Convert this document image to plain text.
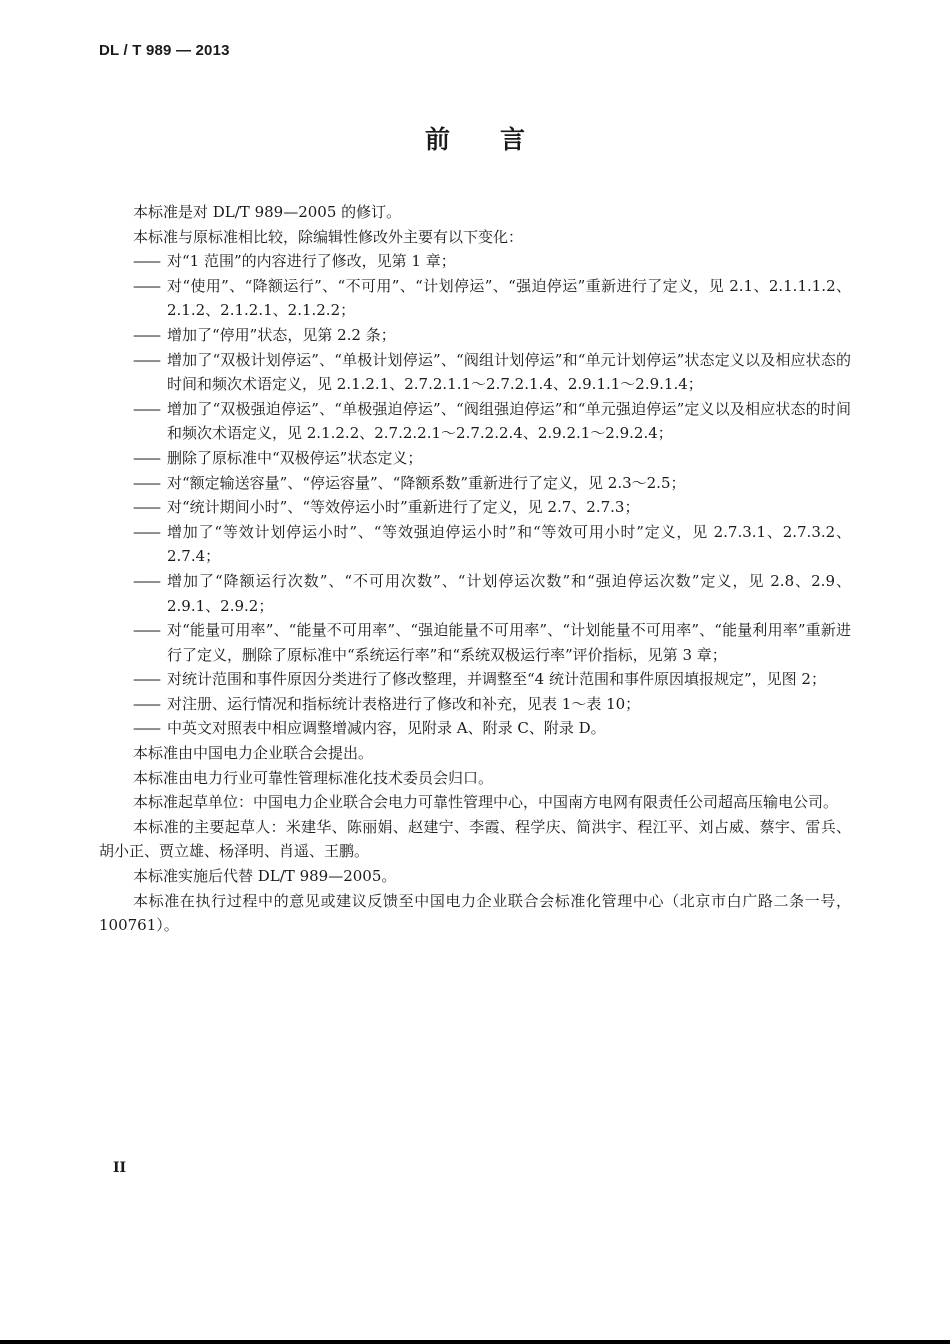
DL / T 989 — 2013
前言

本标准是对 DL/T 989—2005 的修订。

本标准与原标准相比较，除编辑性修改外主要有以下变化：

—— 对“1 范围”的内容进行了修改，见第 1 章；

—— 对“使用”、“降额运行”、“不可用”、“计划停运”、“强迫停运”重新进行了定义，见 2.1、2.1.1.1.2、2.1.2、2.1.2.1、2.1.2.2；

—— 增加了“停用”状态，见第 2.2 条；

—— 增加了“双极计划停运”、“单极计划停运”、“阀组计划停运”和“单元计划停运”状态定义以及相应状态的时间和频次术语定义，见 2.1.2.1、2.7.2.1.1～2.7.2.1.4、2.9.1.1～2.9.1.4；

—— 增加了“双极强迫停运”、“单极强迫停运”、“阀组强迫停运”和“单元强迫停运”定义以及相应状态的时间和频次术语定义，见 2.1.2.2、2.7.2.2.1～2.7.2.2.4、2.9.2.1～2.9.2.4；

—— 删除了原标准中“双极停运”状态定义；

—— 对“额定输送容量”、“停运容量”、“降额系数”重新进行了定义，见 2.3～2.5；

—— 对“统计期间小时”、“等效停运小时”重新进行了定义，见 2.7、2.7.3；

—— 增加了“等效计划停运小时”、“等效强迫停运小时”和“等效可用小时”定义，见 2.7.3.1、2.7.3.2、2.7.4；

—— 增加了“降额运行次数”、“不可用次数”、“计划停运次数”和“强迫停运次数”定义，见 2.8、2.9、2.9.1、2.9.2；

—— 对“能量可用率”、“能量不可用率”、“强迫能量不可用率”、“计划能量不可用率”、“能量利用率”重新进行了定义，删除了原标准中“系统运行率”和“系统双极运行率”评价指标，见第 3 章；

—— 对统计范围和事件原因分类进行了修改整理，并调整至“4 统计范围和事件原因填报规定”，见图 2；

—— 对注册、运行情况和指标统计表格进行了修改和补充，见表 1～表 10；

—— 中英文对照表中相应调整增减内容，见附录 A、附录 C、附录 D。

本标准由中国电力企业联合会提出。

本标准由电力行业可靠性管理标准化技术委员会归口。

本标准起草单位：中国电力企业联合会电力可靠性管理中心，中国南方电网有限责任公司超高压输电公司。

本标准的主要起草人：米建华、陈丽娟、赵建宁、李霞、程学庆、简洪宇、程江平、刘占威、蔡宇、雷兵、胡小正、贾立雄、杨泽明、肖遥、王鹏。

本标准实施后代替 DL/T 989—2005。

本标准在执行过程中的意见或建议反馈至中国电力企业联合会标准化管理中心（北京市白广路二条一号，100761）。

II
